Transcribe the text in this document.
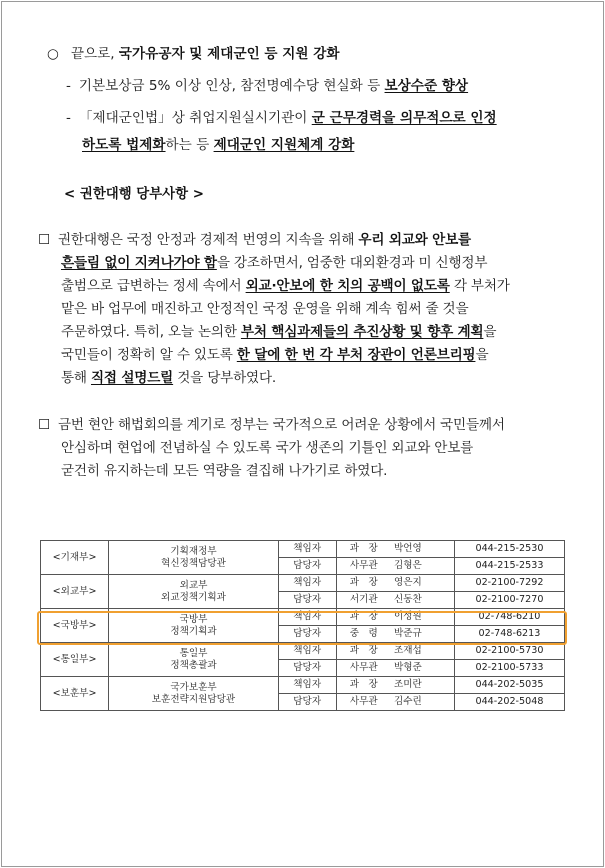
○ 끝으로, 국가유공자 및 제대군인 등 지원 강화
- 기본보상금 5% 이상 인상, 참전명예수당 현실화 등 보상수준 향상
- 「제대군인법」상 취업지원실시기관이 군 근무경력을 의무적으로 인정
하도록 법제화하는 등 제대군인 지원체계 강화
< 권한대행 당부사항 >
☐ 권한대행은 국정 안정과 경제적 번영의 지속을 위해 우리 외교와 안보를
흔들림 없이 지켜나가야 함을 강조하면서, 엄중한 대외환경과 미 신행정부
출범으로 급변하는 정세 속에서 외교·안보에 한 치의 공백이 없도록 각 부처가
맡은 바 업무에 매진하고 안정적인 국정 운영을 위해 계속 힘써 줄 것을
주문하였다. 특히, 오늘 논의한 부처 핵심과제들의 추진상황 및 향후 계획을
국민들이 정확히 알 수 있도록 한 달에 한 번 각 부처 장관이 언론브리핑을
통해 직접 설명드릴 것을 당부하였다.
☐ 금번 현안 해법회의를 계기로 정부는 국가적으로 어려운 상황에서 국민들께서
안심하며 현업에 전념하실 수 있도록 국가 생존의 기틀인 외교와 안보를
굳건히 유지하는데 모든 역량을 결집해 나가기로 하였다.
<기재부>	기획재정부
혁신정책담당관	책임자	과　장	박언영	044-215-2530
		담당자	사무관	김형은	044-215-2533
<외교부>	외교부
외교정책기획과	책임자	과　장	영은지	02-2100-7292
		담당자	서기관	신동찬	02-2100-7270
<국방부>	국방부
정책기획과	책임자	과　장	이성원	02-748-6210
		담당자	중　령	박준규	02-748-6213
<통일부>	통일부
정책총괄과	책임자	과　장	조재섭	02-2100-5730
		담당자	사무관	박형준	02-2100-5733
<보훈부>	국가보훈부
보훈전략지원담당관	책임자	과　장	조미란	044-202-5035
		담당자	사무관	김수린	044-202-5048
